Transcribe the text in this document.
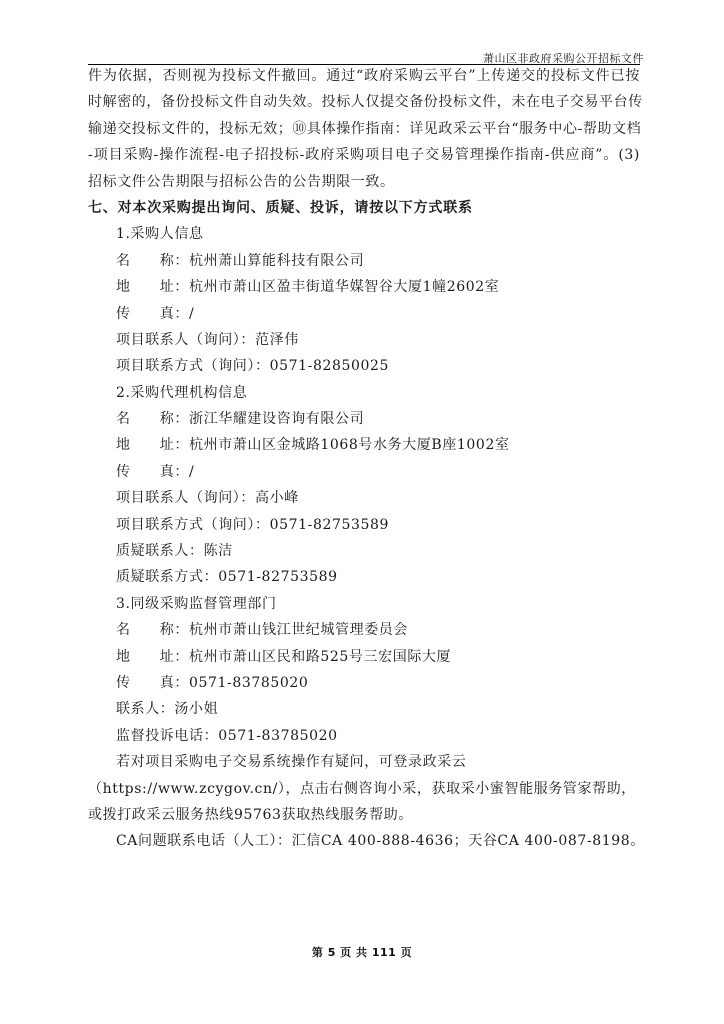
萧山区非政府采购公开招标文件
件为依据，否则视为投标文件撤回。通过“政府采购云平台”上传递交的投标文件已按
时解密的，备份投标文件自动失效。投标人仅提交备份投标文件，未在电子交易平台传
输递交投标文件的，投标无效；⑩具体操作指南：详见政采云平台“服务中心-帮助文档
-项目采购-操作流程-电子招投标-政府采购项目电子交易管理操作指南-供应商”。(3)
招标文件公告期限与招标公告的公告期限一致。
七、对本次采购提出询问、质疑、投诉，请按以下方式联系
1.采购人信息
名　　称：杭州萧山算能科技有限公司
地　　址：杭州市萧山区盈丰街道华媒智谷大厦1幢2602室
传　　真：/
项目联系人（询问）：范泽伟
项目联系方式（询问）：0571-82850025
2.采购代理机构信息
名　　称：浙江华耀建设咨询有限公司
地　　址：杭州市萧山区金城路1068号水务大厦B座1002室
传　　真：/
项目联系人（询问）：高小峰
项目联系方式（询问）：0571-82753589
质疑联系人：陈洁
质疑联系方式：0571-82753589
3.同级采购监督管理部门
名　　称：杭州市萧山钱江世纪城管理委员会
地　　址：杭州市萧山区民和路525号三宏国际大厦
传　　真：0571-83785020
联系人：汤小姐
监督投诉电话：0571-83785020
若对项目采购电子交易系统操作有疑问，可登录政采云
（https://www.zcygov.cn/），点击右侧咨询小采，获取采小蜜智能服务管家帮助，
或拨打政采云服务热线95763获取热线服务帮助。
CA问题联系电话（人工）：汇信CA 400-888-4636；天谷CA 400-087-8198。
第 5 页 共 111 页
